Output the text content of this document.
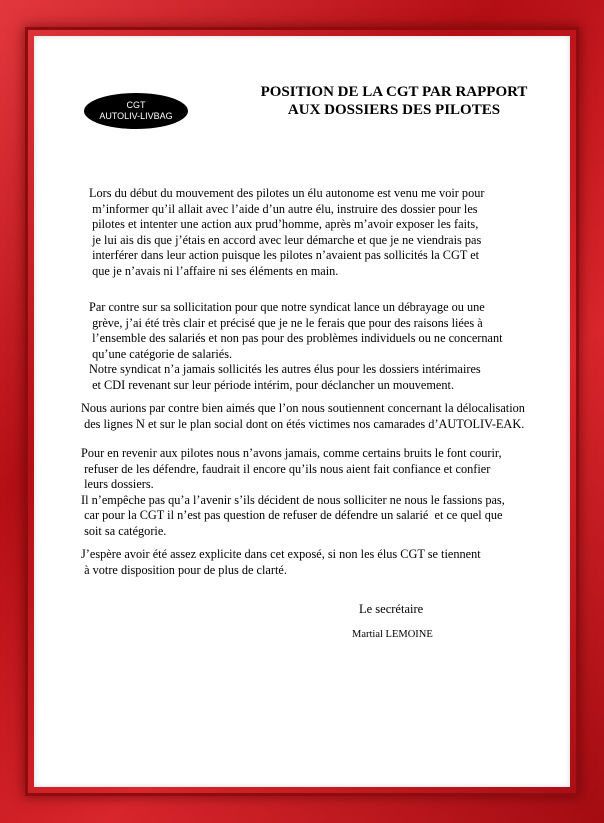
CGT
AUTOLIV-LIVBAG
POSITION DE LA CGT PAR RAPPORT
AUX DOSSIERS DES PILOTES
Lors du début du mouvement des pilotes un élu autonome est venu me voir pour
m’informer qu’il allait avec l’aide d’un autre élu, instruire des dossier pour les
pilotes et intenter une action aux prud’homme, après m’avoir exposer les faits,
je lui ais dis que j’étais en accord avec leur démarche et que je ne viendrais pas
interférer dans leur action puisque les pilotes n’avaient pas sollicités la CGT et
que je n’avais ni l’affaire ni ses éléments en main.
Par contre sur sa sollicitation pour que notre syndicat lance un débrayage ou une
grève, j’ai été très clair et précisé que je ne le ferais que pour des raisons liées à
l’ensemble des salariés et non pas pour des problèmes individuels ou ne concernant
qu’une catégorie de salariés.
Notre syndicat n’a jamais sollicités les autres élus pour les dossiers intérimaires
et CDI revenant sur leur période intérim, pour déclancher un mouvement.
Nous aurions par contre bien aimés que l’on nous soutiennent concernant la délocalisation
des lignes N et sur le plan social dont on étés victimes nos camarades d’AUTOLIV-EAK.
Pour en revenir aux pilotes nous n’avons jamais, comme certains bruits le font courir,
refuser de les défendre, faudrait il encore qu’ils nous aient fait confiance et confier
leurs dossiers.
Il n’empêche pas qu’a l’avenir s’ils décident de nous solliciter ne nous le fassions pas,
car pour la CGT il n’est pas question de refuser de défendre un salarié  et ce quel que
soit sa catégorie.
J’espère avoir été assez explicite dans cet exposé, si non les élus CGT se tiennent
à votre disposition pour de plus de clarté.
Le secrétaire
Martial LEMOINE
